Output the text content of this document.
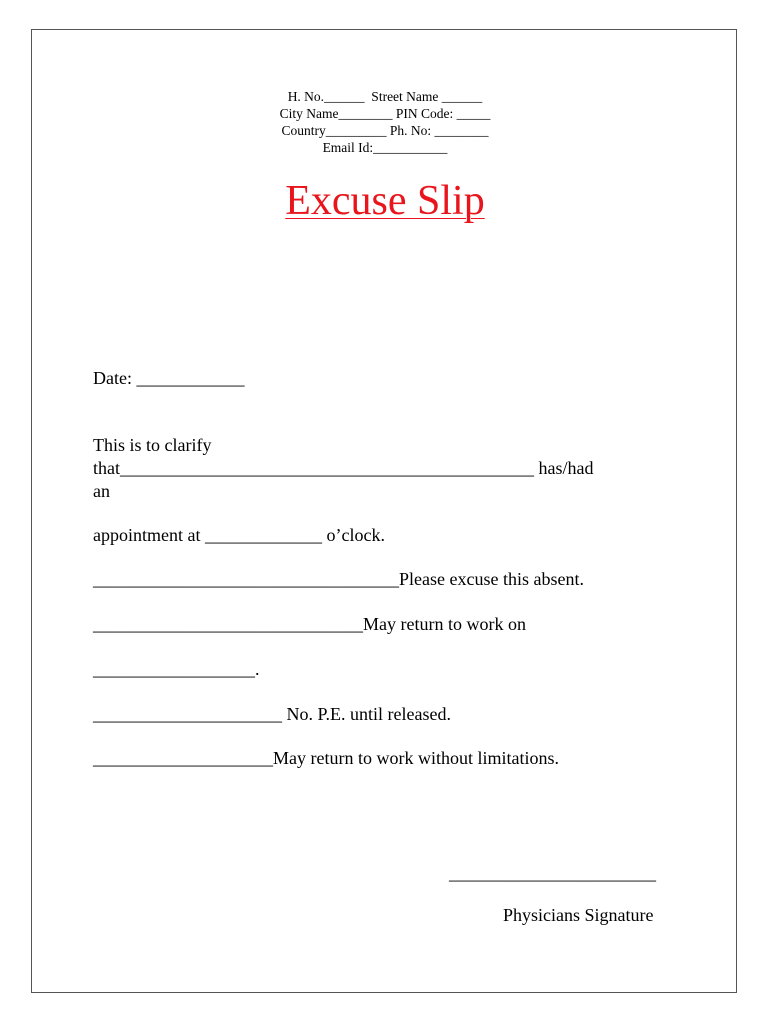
H. No.______  Street Name ______
City Name________ PIN Code: _____
Country_________ Ph. No: ________
Email Id:___________
Excuse Slip
Date: ____________
This is to clarify
that______________________________________________ has/had
an
appointment at _____________ o’clock.
__________________________________Please excuse this absent.
______________________________May return to work on
__________________.
_____________________ No. P.E. until released.
____________________May return to work without limitations.
_______________________
Physicians Signature
